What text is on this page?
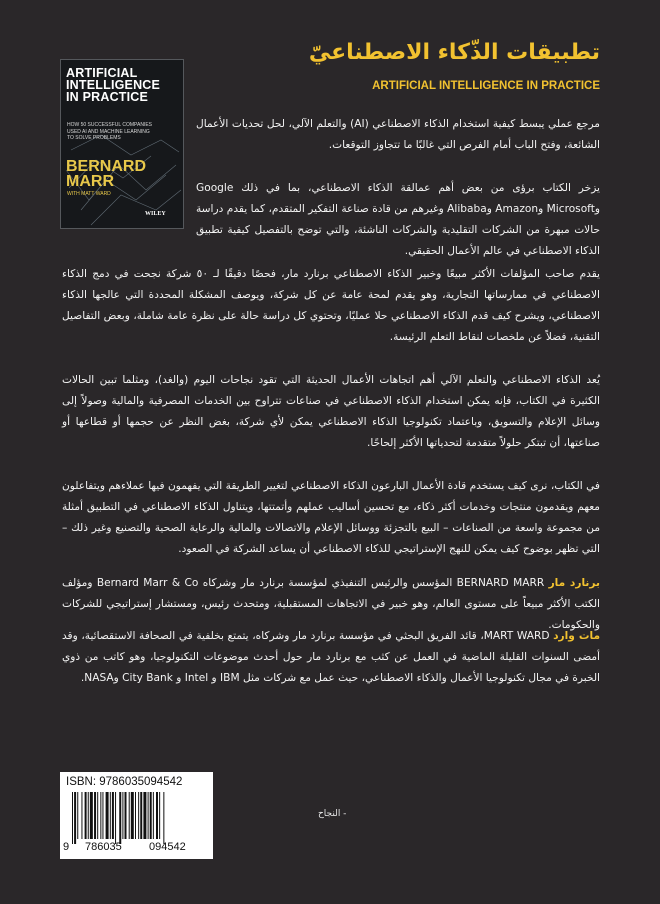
ARTIFICIAL
INTELLIGENCE
IN PRACTICE
HOW 50 SUCCESSFUL COMPANIES
USED AI AND MACHINE LEARNING
TO SOLVE PROBLEMS
BERNARD
MARR
WITH MATT WARD
WILEY
تطبيقات الذّكاء الاصطناعيّ
ARTIFICIAL INTELLIGENCE IN PRACTICE

مرجع عملي يبسط كيفية استخدام الذكاء الاصطناعي (AI) والتعلم الآلي، لحل تحديات الأعمال الشائعة، وفتح الباب أمام الفرص التي غالبًا ما تتجاوز التوقعات.

يزخر الكتاب برؤى من بعض أهم عمالقة الذكاء الاصطناعي، بما في ذلك Google وMicrosoft وAmazon وAlibaba وغيرهم من قادة صناعة التفكير المتقدم، كما يقدم دراسة حالات مبهرة من الشركات التقليدية والشركات الناشئة، والتي توضح بالتفصيل كيفية تطبيق الذكاء الاصطناعي في عالم الأعمال الحقيقي.

يقدم صاحب المؤلفات الأكثر مبيعًا وخبير الذكاء الاصطناعي برنارد مار، فحصًا دقيقًا لـ ٥٠ شركة نجحت في دمج الذكاء الاصطناعي في ممارساتها التجارية، وهو يقدم لمحة عامة عن كل شركة، ويوصف المشكلة المحددة التي عالجها الذكاء الاصطناعي، ويشرح كيف قدم الذكاء الاصطناعي حلا عمليًا، وتحتوي كل دراسة حالة على نظرة عامة شاملة، وبعض التفاصيل التقنية، فضلاً عن ملخصات لنقاط التعلم الرئيسة.

يُعد الذكاء الاصطناعي والتعلم الآلي أهم اتجاهات الأعمال الحديثة التي تقود نجاحات اليوم (والغد)، ومثلما تبين الحالات الكثيرة في الكتاب، فإنه يمكن استخدام الذكاء الاصطناعي في صناعات تتراوح بين الخدمات المصرفية والمالية وصولاً إلى وسائل الإعلام والتسويق، وباعتماد تكنولوجيا الذكاء الاصطناعي يمكن لأي شركة، بغض النظر عن حجمها أو قطاعها أو صناعتها، أن تبتكر حلولاً متقدمة لتحدياتها الأكثر إلحاحًا.

في الكتاب، نرى كيف يستخدم قادة الأعمال البارعون الذكاء الاصطناعي لتغيير الطريقة التي يفهمون فيها عملاءهم ويتفاعلون معهم ويقدمون منتجات وخدمات أكثر ذكاء، مع تحسين أساليب عملهم وأتمتتها، ويتناول الذكاء الاصطناعي في التطبيق أمثلة من مجموعة واسعة من الصناعات – البيع بالتجزئة ووسائل الإعلام والاتصالات والمالية والرعاية الصحية والتصنيع وغير ذلك – التي تظهر بوضوح كيف يمكن للنهج الإستراتيجي للذكاء الاصطناعي أن يساعد الشركة في الصعود.

برنارد مار BERNARD MARR المؤسس والرئيس التنفيذي لمؤسسة برنارد مار وشركاه Bernard Marr & Co ومؤلف الكتب الأكثر مبيعاً على مستوى العالم، وهو خبير في الاتجاهات المستقبلية، ومتحدث رئيس، ومستشار إستراتيجي للشركات والحكومات.

مات وارد MART WARD، قائد الفريق البحثي في مؤسسة برنارد مار وشركاه، يتمتع بخلفية في الصحافة الاستقصائية، وقد أمضى السنوات القليلة الماضية في العمل عن كثب مع برنارد مار حول أحدث موضوعات التكنولوجيا، وهو كاتب من ذوي الخبرة في مجال تكنولوجيا الأعمال والذكاء الاصطناعي، حيث عمل مع شركات مثل IBM و Intel و City Bank وNASA.

ISBN: 9786035094542
9 786035 094542
- النجاح
